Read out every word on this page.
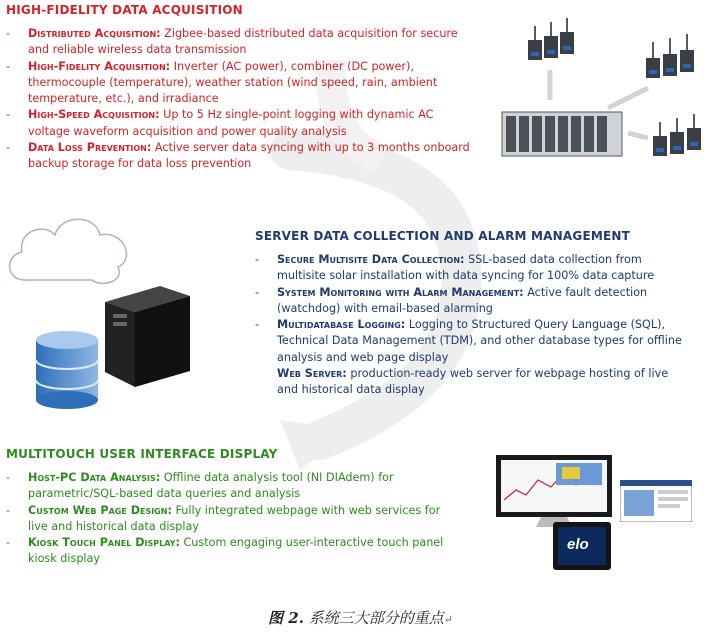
HIGH-FIDELITY DATA ACQUISITION
- Distributed Acquisition: Zigbee-based distributed data acquisition for secure and reliable wireless data transmission
- High-Fidelity Acquisition: Inverter (AC power), combiner (DC power), thermocouple (temperature), weather station (wind speed, rain, ambient temperature, etc.), and irradiance
- High-Speed Acquisition: Up to 5 Hz single-point logging with dynamic AC voltage waveform acquisition and power quality analysis
- Data Loss Prevention: Active server data syncing with up to 3 months onboard backup storage for data loss prevention
SERVER DATA COLLECTION AND ALARM MANAGEMENT
- Secure Multisite Data Collection: SSL-based data collection from multisite solar installation with data syncing for 100% data capture
- System Monitoring with Alarm Management: Active fault detection (watchdog) with email-based alarming
- Multidatabase Logging: Logging to Structured Query Language (SQL), Technical Data Management (TDM), and other database types for offline analysis and web page display
Web Server: production-ready web server for webpage hosting of live and historical data display
MULTITOUCH USER INTERFACE DISPLAY
- Host-PC Data Analysis: Offline data analysis tool (NI DIAdem) for parametric/SQL-based data queries and analysis
- Custom Web Page Design: Fully integrated webpage with web services for live and historical data display
- Kiosk Touch Panel Display: Custom engaging user-interactive touch panel kiosk display
elo
图 2. 系统三大部分的重点↵
